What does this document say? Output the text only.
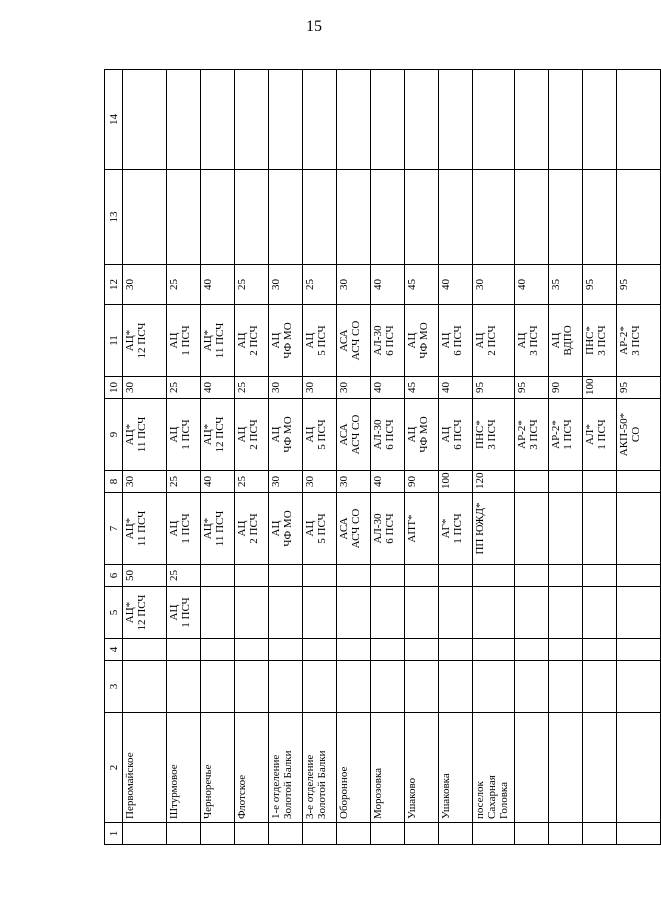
15
1	2	3	4	5	6	7	8	9	10	11	12	13	14

	Первомайское			АЦ* 12 ПСЧ	50	АЦ* 11 ПСЧ	30	АЦ* 11 ПСЧ	30	АЦ* 12 ПСЧ	30		

	Штурмовое			АЦ 1 ПСЧ	25	АЦ 1 ПСЧ	25	АЦ 1 ПСЧ	25	АЦ 1 ПСЧ	25		

	Черноречье					АЦ* 11 ПСЧ	40	АЦ* 12 ПСЧ	40	АЦ* 11 ПСЧ	40		

	Флотское					АЦ 2 ПСЧ	25	АЦ 2 ПСЧ	25	АЦ 2 ПСЧ	25		

	1-е отделение Золотой Балки					АЦ ЧФ МО	30	АЦ ЧФ МО	30	АЦ ЧФ МО	30		

	3-е отделение Золотой Балки					АЦ 5 ПСЧ	30	АЦ 5 ПСЧ	30	АЦ 5 ПСЧ	25		

	Оборонное					АСА АСЧ СО	30	АСА АСЧ СО	30	АСА АСЧ СО	30		

	Морозовка					АЛ-30 6 ПСЧ	40	АЛ-30 6 ПСЧ	40	АЛ-30 6 ПСЧ	40		

	Ушаково					АПТ*	90	АЦ ЧФ МО	45	АЦ ЧФ МО	45		

	Ушаковка					АГ* 1 ПСЧ	100	АЦ 6 ПСЧ	40	АЦ 6 ПСЧ	40		

	поселок Сахарная Головка					ПП ЮЖД*	120	ПНС* 3 ПСЧ	95	АЦ 2 ПСЧ	30		

								АР-2* 3 ПСЧ	95	АЦ 3 ПСЧ	40		

								АР-2* 1 ПСЧ	90	АЦ ВДПО	35		

								АЛ* 1 ПСЧ	100	ПНС* 3 ПСЧ	95		

								АКП-50* СО	95	АР-2* 3 ПСЧ	95		
